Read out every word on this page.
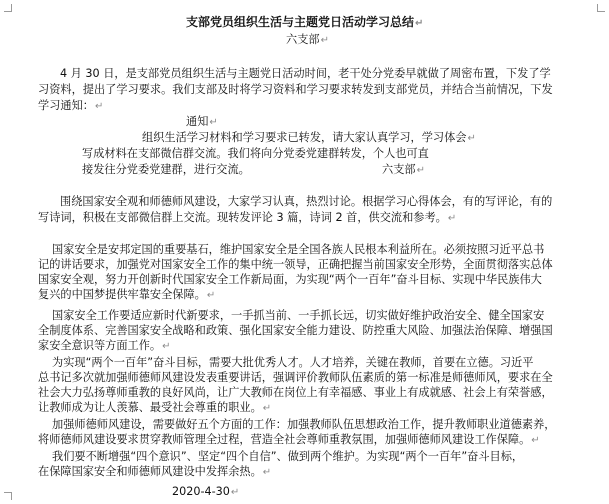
支部党员组织生活与主题党日活动学习总结↵
六支部↵
4 月 30 日，是支部党员组织生活与主题党日活动时间，老干处分党委早就做了周密布置，下发了学
习资料，提出了学习要求。我们支部及时将学习资料和学习要求转发到支部党员，并结合当前情况，下发
学习通知：↵
通知↵
组织生活学习材料和学习要求已转发，请大家认真学习，学习体会↵
写成材料在支部微信群交流。我们将向分党委党建群转发，个人也可直
接发往分党委党建群，进行交流。	六支部↵
围绕国家安全观和师德师风建设，大家学习认真，热烈讨论。根据学习心得体会，有的写评论，有的
写诗词，积极在支部微信群上交流。现转发评论 3 篇，诗词 2 首，供交流和参考。↵
国家安全是安邦定国的重要基石，维护国家安全是全国各族人民根本利益所在。必须按照习近平总书
记的讲话要求，加强党对国家安全工作的集中统一领导，正确把握当前国家安全形势，全面贯彻落实总体
国家安全观，努力开创新时代国家安全工作新局面，为实现“两个一百年”奋斗目标、实现中华民族伟大
复兴的中国梦提供牢靠安全保障。↵
国家安全工作要适应新时代新要求，一手抓当前、一手抓长远，切实做好维护政治安全、健全国家安
全制度体系、完善国家安全战略和政策、强化国家安全能力建设、防控重大风险、加强法治保障、增强国
家安全意识等方面工作。↵
为实现“两个一百年”奋斗目标，需要大批优秀人才。人才培养，关键在教师，首要在立德。习近平
总书记多次就加强师德师风建设发表重要讲话，强调评价教师队伍素质的第一标准是师德师风，要求在全
社会大力弘扬尊师重教的良好风尚，让广大教师在岗位上有幸福感、事业上有成就感、社会上有荣誉感，
让教师成为让人羡慕、最受社会尊重的职业。↵
加强师德师风建设，需要做好五个方面的工作：加强教师队伍思想政治工作，提升教师职业道德素养，
将师德师风建设要求贯穿教师管理全过程，营造全社会尊师重教氛围，加强师德师风建设工作保障。↵
我们要不断增强“四个意识”、坚定“四个自信”、做到两个维护。为实现“两个一百年”奋斗目标，
在保障国家安全和师德师风建设中发挥余热。↵
2020-4-30↵
